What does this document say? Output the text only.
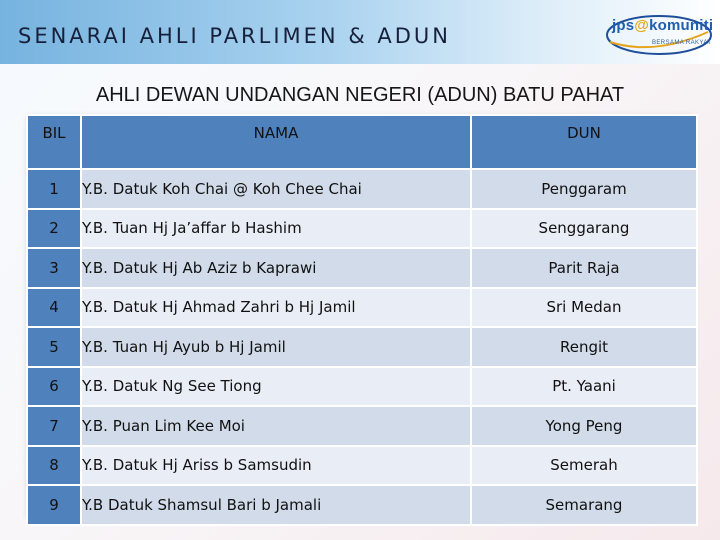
SENARAI AHLI PARLIMEN & ADUN	jps@komuniti
BERSAMA RAKYAT
AHLI DEWAN UNDANGAN NEGERI (ADUN) BATU PAHAT
BIL	NAMA	DUN
1	Y.B. Datuk Koh Chai @ Koh Chee Chai	Penggaram
2	Y.B. Tuan Hj Ja’affar b Hashim	Senggarang
3	Y.B. Datuk Hj Ab Aziz b Kaprawi	Parit Raja
4	Y.B. Datuk Hj Ahmad Zahri b Hj Jamil	Sri Medan
5	Y.B. Tuan Hj Ayub b Hj Jamil	Rengit
6	Y.B. Datuk Ng See Tiong	Pt. Yaani
7	Y.B. Puan Lim Kee Moi	Yong Peng
8	Y.B. Datuk Hj Ariss b Samsudin	Semerah
9	Y.B Datuk Shamsul Bari b Jamali	Semarang
